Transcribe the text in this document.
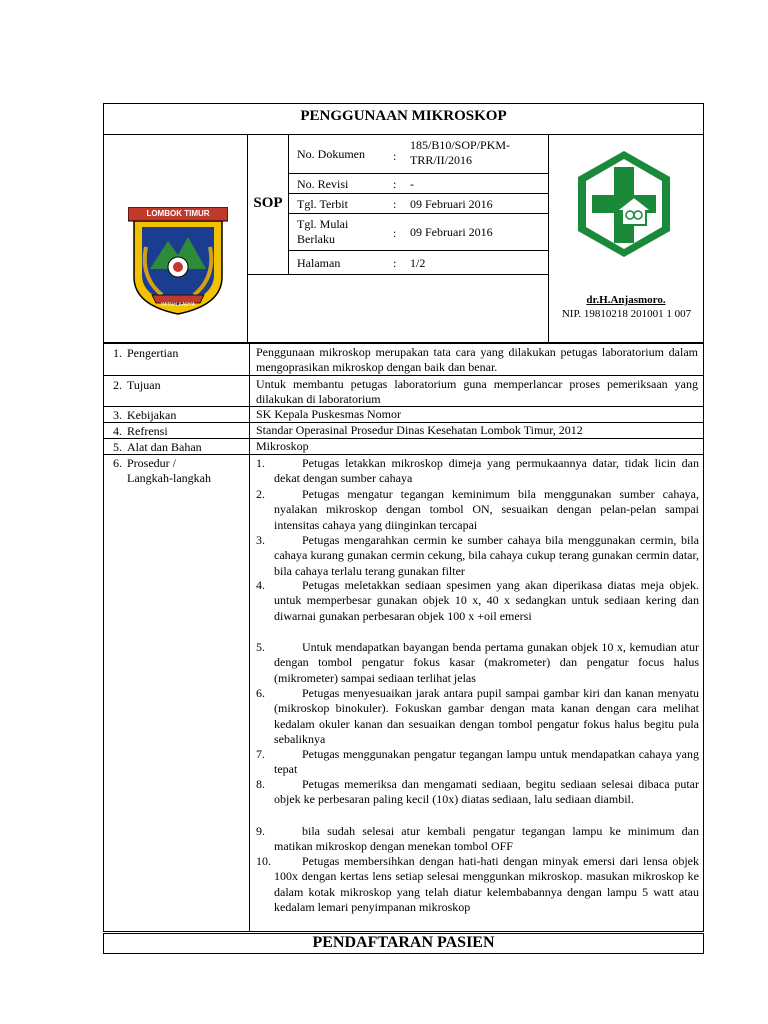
PENGGUNAAN MIKROSKOP
LOMBOK TIMUR
PATUH KARYA
SOP
No. Dokumen :
185/B10/SOP/PKM-
TRR/II/2016
No. Revisi	: -
Tgl. Terbit	: 09 Februari 2016
Tgl. Mulai
Berlaku	: 09 Februari 2016
Halaman	: 1/2
dr.H.Anjasmoro.
NIP. 19810218 201001 1 007
1. Pengertian	Penggunaan mikroskop merupakan tata cara yang dilakukan petugas laboratorium dalam mengoprasikan mikroskop dengan baik dan benar.
2. Tujuan	Untuk membantu petugas laboratorium guna memperlancar proses pemeriksaan yang dilakukan di laboratorium
3. Kebijakan	SK Kepala Puskesmas Nomor
4. Refrensi	Standar Operasinal Prosedur Dinas Kesehatan Lombok Timur, 2012
5. Alat dan Bahan	Mikroskop
6. Prosedur /
Langkah-langkah
1.	Petugas letakkan mikroskop dimeja yang permukaannya datar, tidak licin dan dekat dengan sumber cahaya
2.	Petugas mengatur tegangan keminimum bila menggunakan sumber cahaya, nyalakan mikroskop dengan tombol ON, sesuaikan dengan pelan-pelan sampai intensitas cahaya yang diinginkan tercapai
3.	Petugas mengarahkan cermin ke sumber cahaya bila menggunakan cermin, bila cahaya kurang gunakan cermin cekung, bila cahaya cukup terang gunakan cermin datar, bila cahaya terlalu terang gunakan filter
4.	Petugas meletakkan sediaan spesimen yang akan diperikasa diatas meja objek. untuk memperbesar gunakan objek 10 x, 40 x sedangkan untuk sediaan kering dan diwarnai gunakan perbesaran objek 100 x +oil emersi
5.	Untuk mendapatkan bayangan benda pertama gunakan objek 10 x, kemudian atur dengan tombol pengatur fokus kasar (makrometer) dan pengatur focus halus (mikrometer) sampai sediaan terlihat jelas
6.	Petugas menyesuaikan jarak antara pupil sampai gambar kiri dan kanan menyatu (mikroskop binokuler). Fokuskan gambar dengan mata kanan dengan cara melihat kedalam okuler kanan dan sesuaikan dengan tombol pengatur fokus halus begitu pula sebaliknya
7.	Petugas menggunakan pengatur tegangan lampu untuk mendapatkan cahaya yang tepat
8.	Petugas memeriksa dan mengamati sediaan, begitu sediaan selesai dibaca putar objek ke perbesaran paling kecil (10x) diatas sediaan, lalu sediaan diambil.
9.	bila sudah selesai atur kembali pengatur tegangan lampu ke minimum dan matikan mikroskop dengan menekan tombol OFF
10.	Petugas membersihkan dengan hati-hati dengan minyak emersi dari lensa objek 100x dengan kertas lens setiap selesai menggunkan mikroskop. masukan mikroskop ke dalam kotak mikroskop yang telah diatur kelembabannya dengan lampu 5 watt atau kedalam lemari penyimpanan mikroskop
PENDAFTARAN PASIEN
